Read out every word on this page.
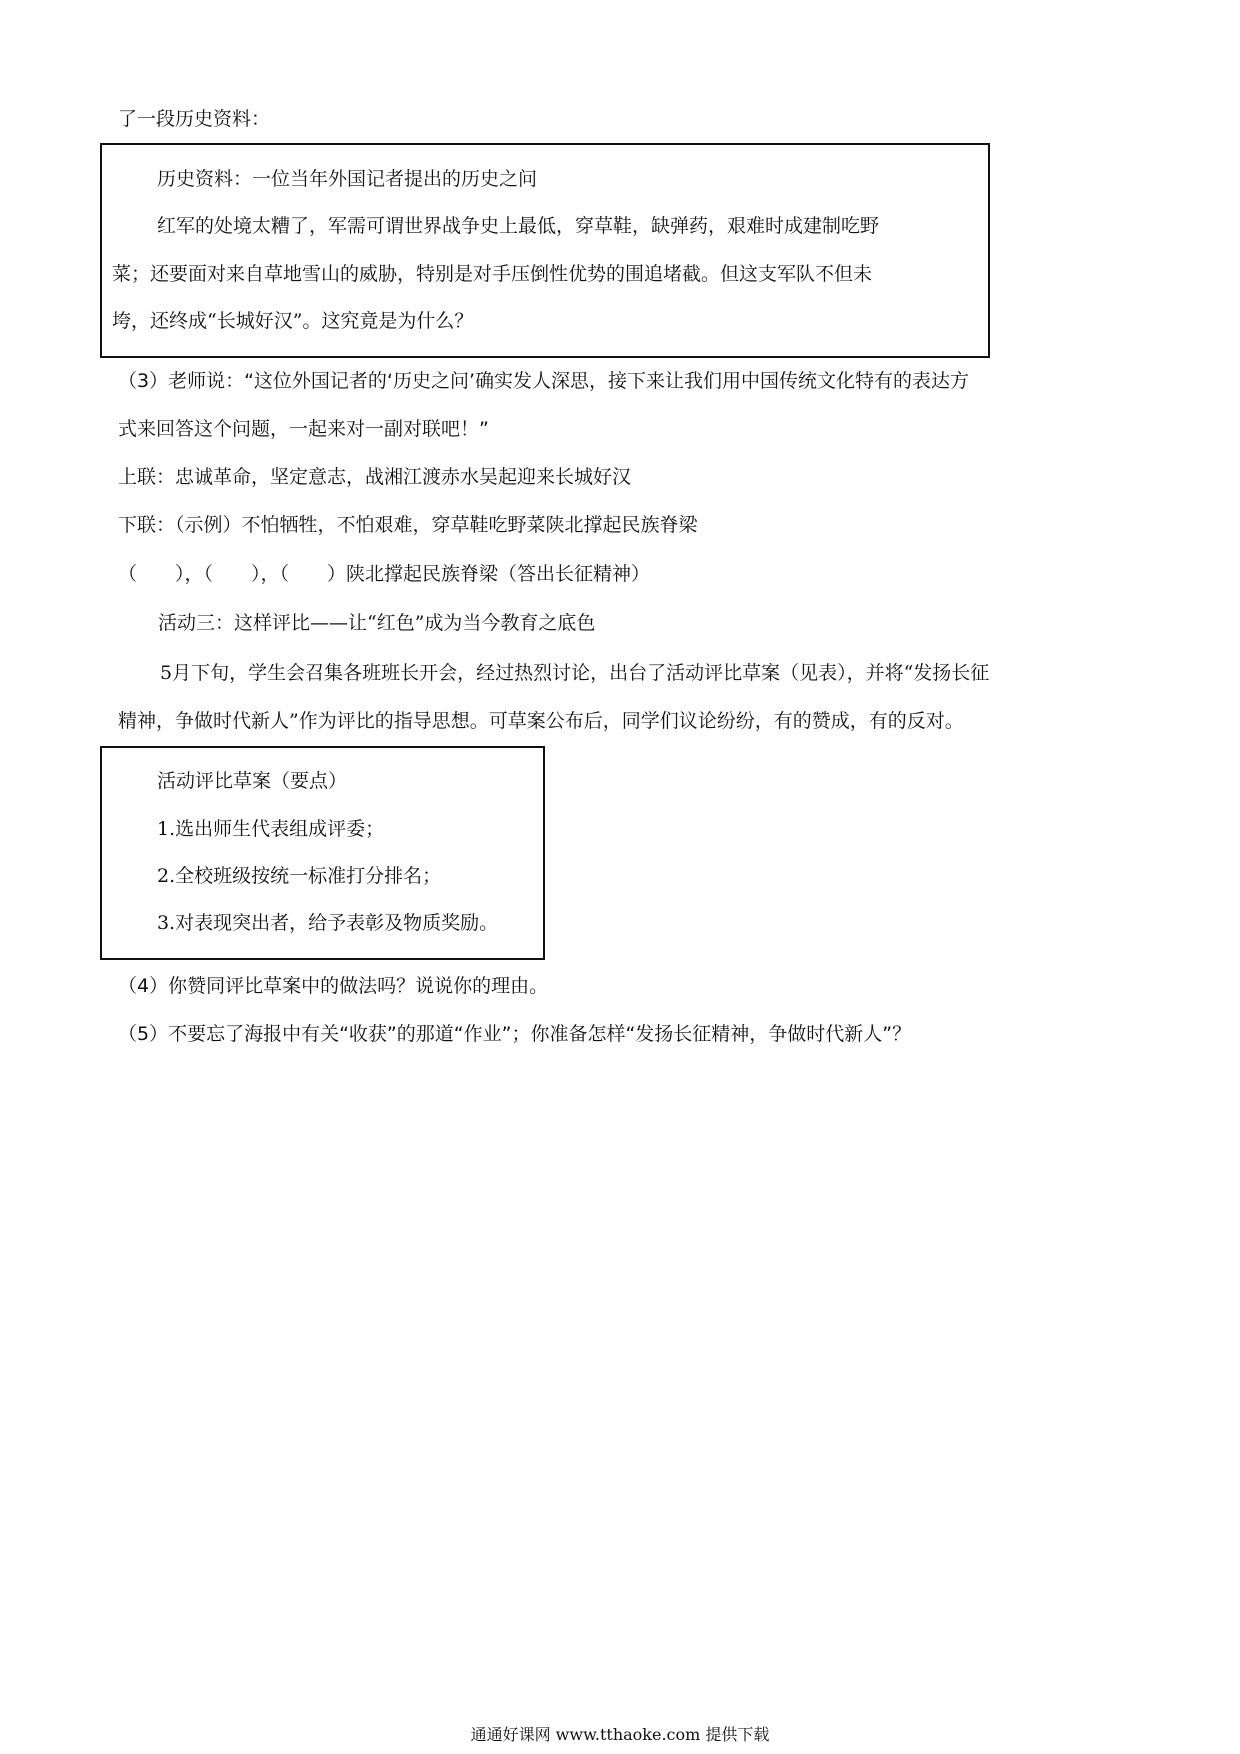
了一段历史资料：
历史资料：一位当年外国记者提出的历史之问
红军的处境太糟了，军需可谓世界战争史上最低，穿草鞋，缺弹药，艰难时成建制吃野
菜；还要面对来自草地雪山的威胁，特别是对手压倒性优势的围追堵截。但这支军队不但未
垮，还终成“长城好汉”。这究竟是为什么？
（3）老师说：“这位外国记者的‘历史之问’确实发人深思，接下来让我们用中国传统文化特有的表达方
式来回答这个问题，一起来对一副对联吧！”
上联：忠诚革命，坚定意志，战湘江渡赤水吴起迎来长城好汉
下联：（示例）不怕牺牲，不怕艰难，穿草鞋吃野菜陕北撑起民族脊梁
（　　），（　　），（　　）陕北撑起民族脊梁（答出长征精神）
活动三：这样评比——让“红色”成为当今教育之底色
5月下旬，学生会召集各班班长开会，经过热烈讨论，出台了活动评比草案（见表），并将“发扬长征
精神，争做时代新人”作为评比的指导思想。可草案公布后，同学们议论纷纷，有的赞成，有的反对。
活动评比草案（要点）
1.选出师生代表组成评委；
2.全校班级按统一标准打分排名；
3.对表现突出者，给予表彰及物质奖励。
（4）你赞同评比草案中的做法吗？说说你的理由。
（5）不要忘了海报中有关“收获”的那道“作业”；你准备怎样“发扬长征精神，争做时代新人”？
通通好课网 www.tthaoke.com 提供下载
